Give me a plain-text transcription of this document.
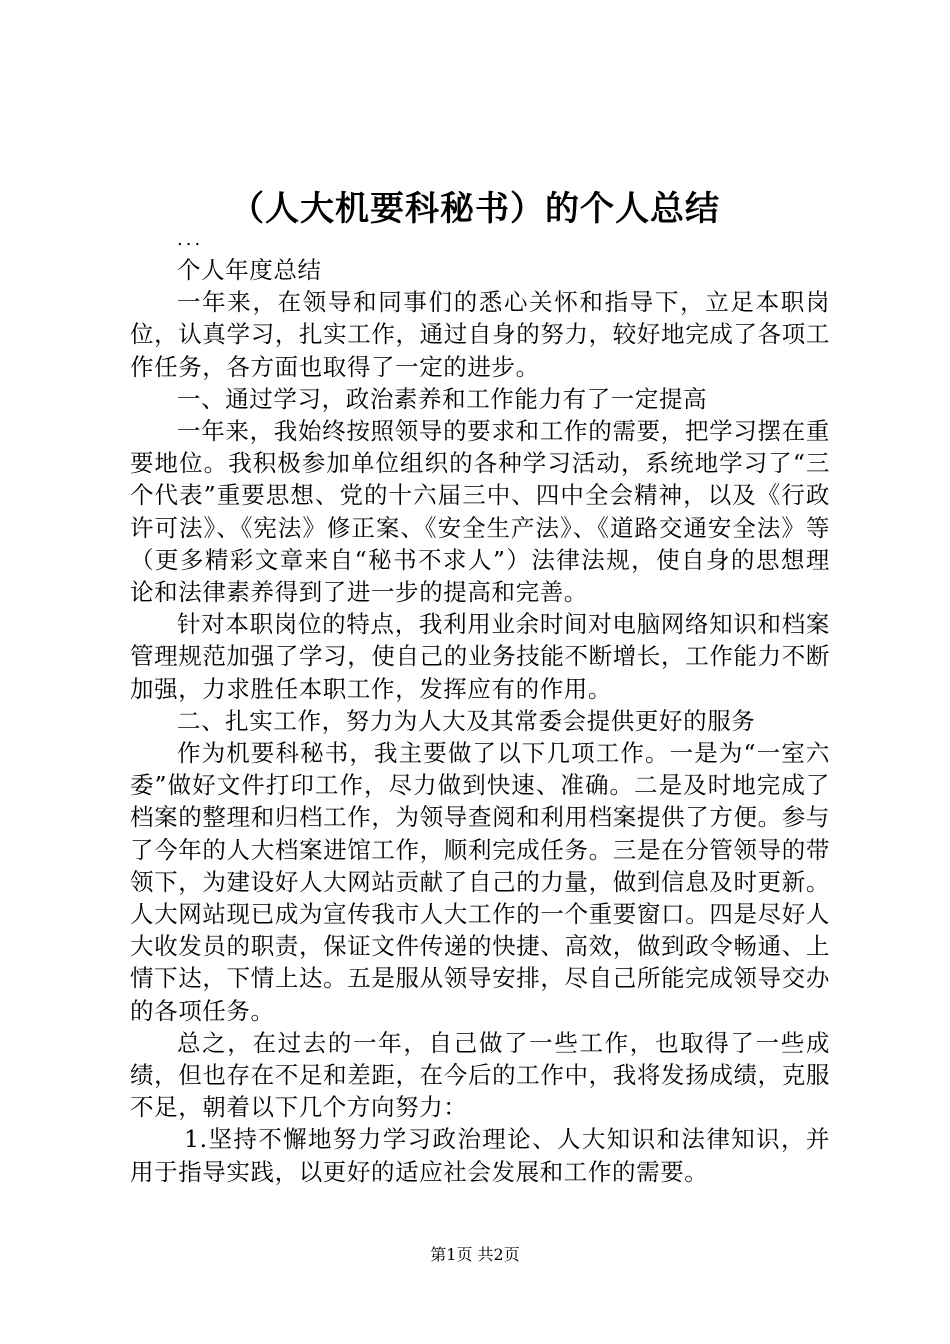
（人大机要科秘书）的个人总结

...

个人年度总结

一年来，在领导和同事们的悉心关怀和指导下，立足本职岗位，认真学习，扎实工作，通过自身的努力，较好地完成了各项工作任务，各方面也取得了一定的进步。

一、通过学习，政治素养和工作能力有了一定提高

一年来，我始终按照领导的要求和工作的需要，把学习摆在重要地位。我积极参加单位组织的各种学习活动，系统地学习了“三个代表”重要思想、党的十六届三中、四中全会精神，以及《行政许可法》、《宪法》修正案、《安全生产法》、《道路交通安全法》等（更多精彩文章来自“秘书不求人”）法律法规，使自身的思想理论和法律素养得到了进一步的提高和完善。

针对本职岗位的特点，我利用业余时间对电脑网络知识和档案管理规范加强了学习，使自己的业务技能不断增长，工作能力不断加强，力求胜任本职工作，发挥应有的作用。

二、扎实工作，努力为人大及其常委会提供更好的服务

作为机要科秘书，我主要做了以下几项工作。一是为“一室六委”做好文件打印工作，尽力做到快速、准确。二是及时地完成了档案的整理和归档工作，为领导查阅和利用档案提供了方便。参与了今年的人大档案进馆工作，顺利完成任务。三是在分管领导的带领下，为建设好人大网站贡献了自己的力量，做到信息及时更新。人大网站现已成为宣传我市人大工作的一个重要窗口。四是尽好人大收发员的职责，保证文件传递的快捷、高效，做到政令畅通、上情下达，下情上达。五是服从领导安排，尽自己所能完成领导交办的各项任务。

总之，在过去的一年，自己做了一些工作，也取得了一些成绩，但也存在不足和差距，在今后的工作中，我将发扬成绩，克服不足，朝着以下几个方向努力：

1.坚持不懈地努力学习政治理论、人大知识和法律知识，并用于指导实践，以更好的适应社会发展和工作的需要。

第1页 共2页
